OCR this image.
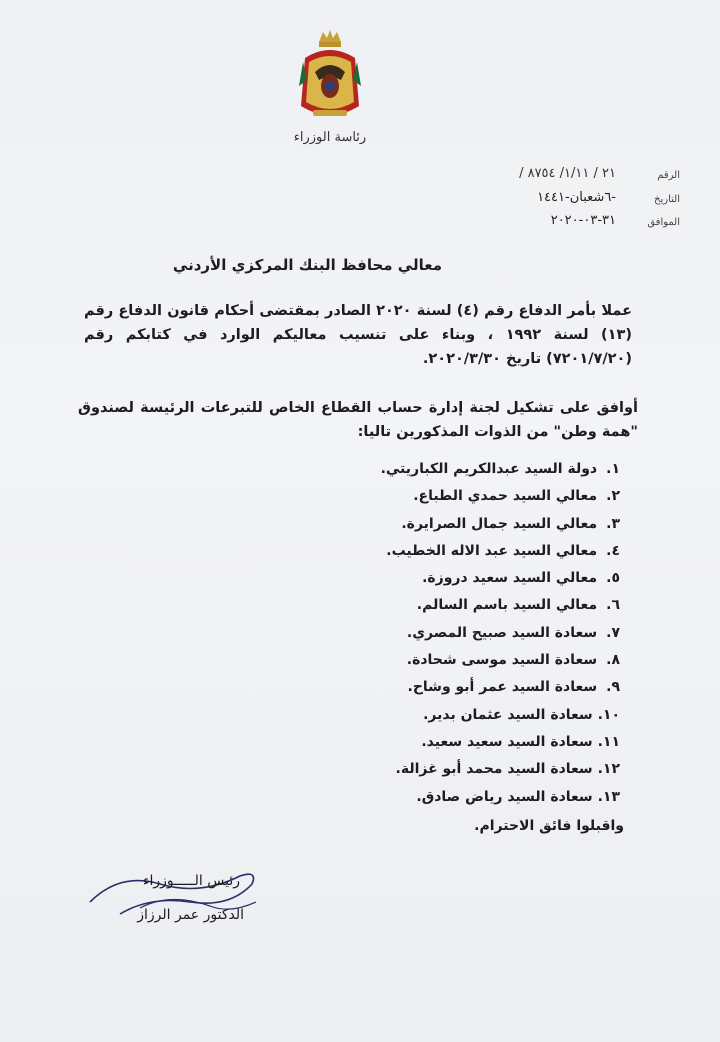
رئاسة الوزراء
الرقم
٢١ / ١/١١/ ٨٧٥٤ /
التاريخ
-٦شعبان-١٤٤١
الموافق
٣١-٠٣-٢٠٢٠
معالي محافظ البنك المركزي الأردني
عملا بأمر الدفاع رقم (٤) لسنة ٢٠٢٠ الصادر بمقتضى أحكام قانون الدفاع رقم (١٣) لسنة ١٩٩٢ ، وبناء على تنسيب معاليكم الوارد في كتابكم رقم (٧٢٠١/٧/٢٠) تاريخ ٢٠٢٠/٣/٣٠.
أوافق على تشكيل لجنة إدارة حساب القطاع الخاص للتبرعات الرئيسة لصندوق "همة وطن" من الذوات المذكورين تاليا:
١. دولة السيد عبدالكريم الكباريتي.
٢. معالي السيد حمدي الطباع.
٣. معالي السيد جمال الصرايرة.
٤. معالي السيد عبد الاله الخطيب.
٥. معالي السيد سعيد دروزة.
٦. معالي السيد باسم السالم.
٧. سعادة السيد صبيح المصري.
٨. سعادة السيد موسى شحادة.
٩. سعادة السيد عمر أبو وشاح.
١٠. سعادة السيد عثمان بدير.
١١. سعادة السيد سعيد سعيد.
١٢. سعادة السيد محمد أبو غزالة.
١٣. سعادة السيد رياض صادق.
واقبلوا فائق الاحترام.
رئيس الـــــوزراء
الدكتور عمر الرزاز
